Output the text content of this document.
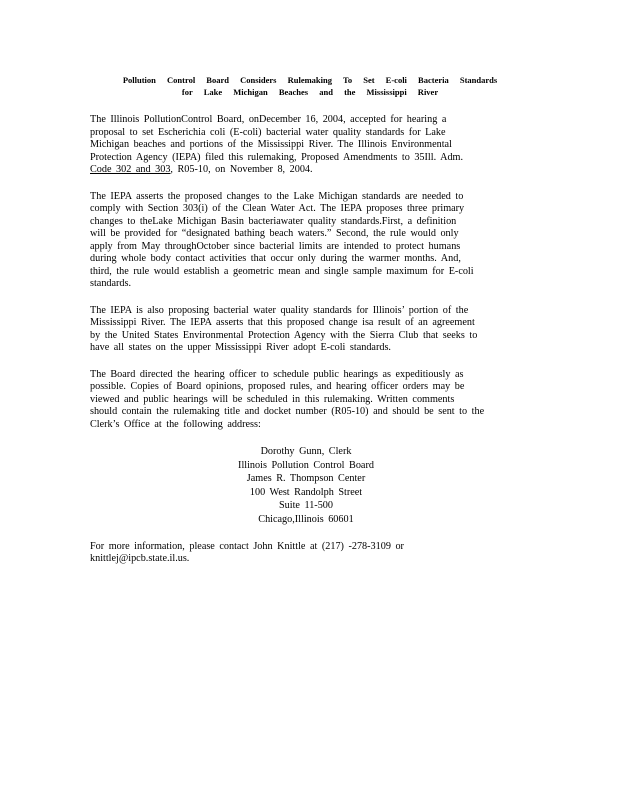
Pollution Control Board Considers Rulemaking To Set E-coli Bacteria Standards
for Lake Michigan Beaches and the Mississippi River

The Illinois PollutionControl Board, onDecember 16, 2004, accepted for hearing a
proposal to set Escherichia coli (E-coli) bacterial water quality standards for Lake
Michigan beaches and portions of the Mississippi River. The Illinois Environmental
Protection Agency (IEPA) filed this rulemaking, Proposed Amendments to 35Ill. Adm.
Code 302 and 303, R05-10, on November 8, 2004.

The IEPA asserts the proposed changes to the Lake Michigan standards are needed to
comply with Section 303(i) of the Clean Water Act. The IEPA proposes three primary
changes to theLake Michigan Basin bacteriawater quality standards.First, a definition
will be provided for “designated bathing beach waters.” Second, the rule would only
apply from May throughOctober since bacterial limits are intended to protect humans
during whole body contact activities that occur only during the warmer months. And,
third, the rule would establish a geometric mean and single sample maximum for E-coli
standards.

The IEPA is also proposing bacterial water quality standards for Illinois’ portion of the
Mississippi River. The IEPA asserts that this proposed change isa result of an agreement
by the United States Environmental Protection Agency with the Sierra Club that seeks to
have all states on the upper Mississippi River adopt E-coli standards.

The Board directed the hearing officer to schedule public hearings as expeditiously as
possible. Copies of Board opinions, proposed rules, and hearing officer orders may be
viewed and public hearings will be scheduled in this rulemaking. Written comments
should contain the rulemaking title and docket number (R05-10) and should be sent to the
Clerk’s Office at the following address:

Dorothy Gunn, Clerk
Illinois Pollution Control Board
James R. Thompson Center
100 West Randolph Street
Suite 11-500
Chicago,Illinois 60601

For more information, please contact John Knittle at (217) -278-3109 or
knittlej@ipcb.state.il.us.
